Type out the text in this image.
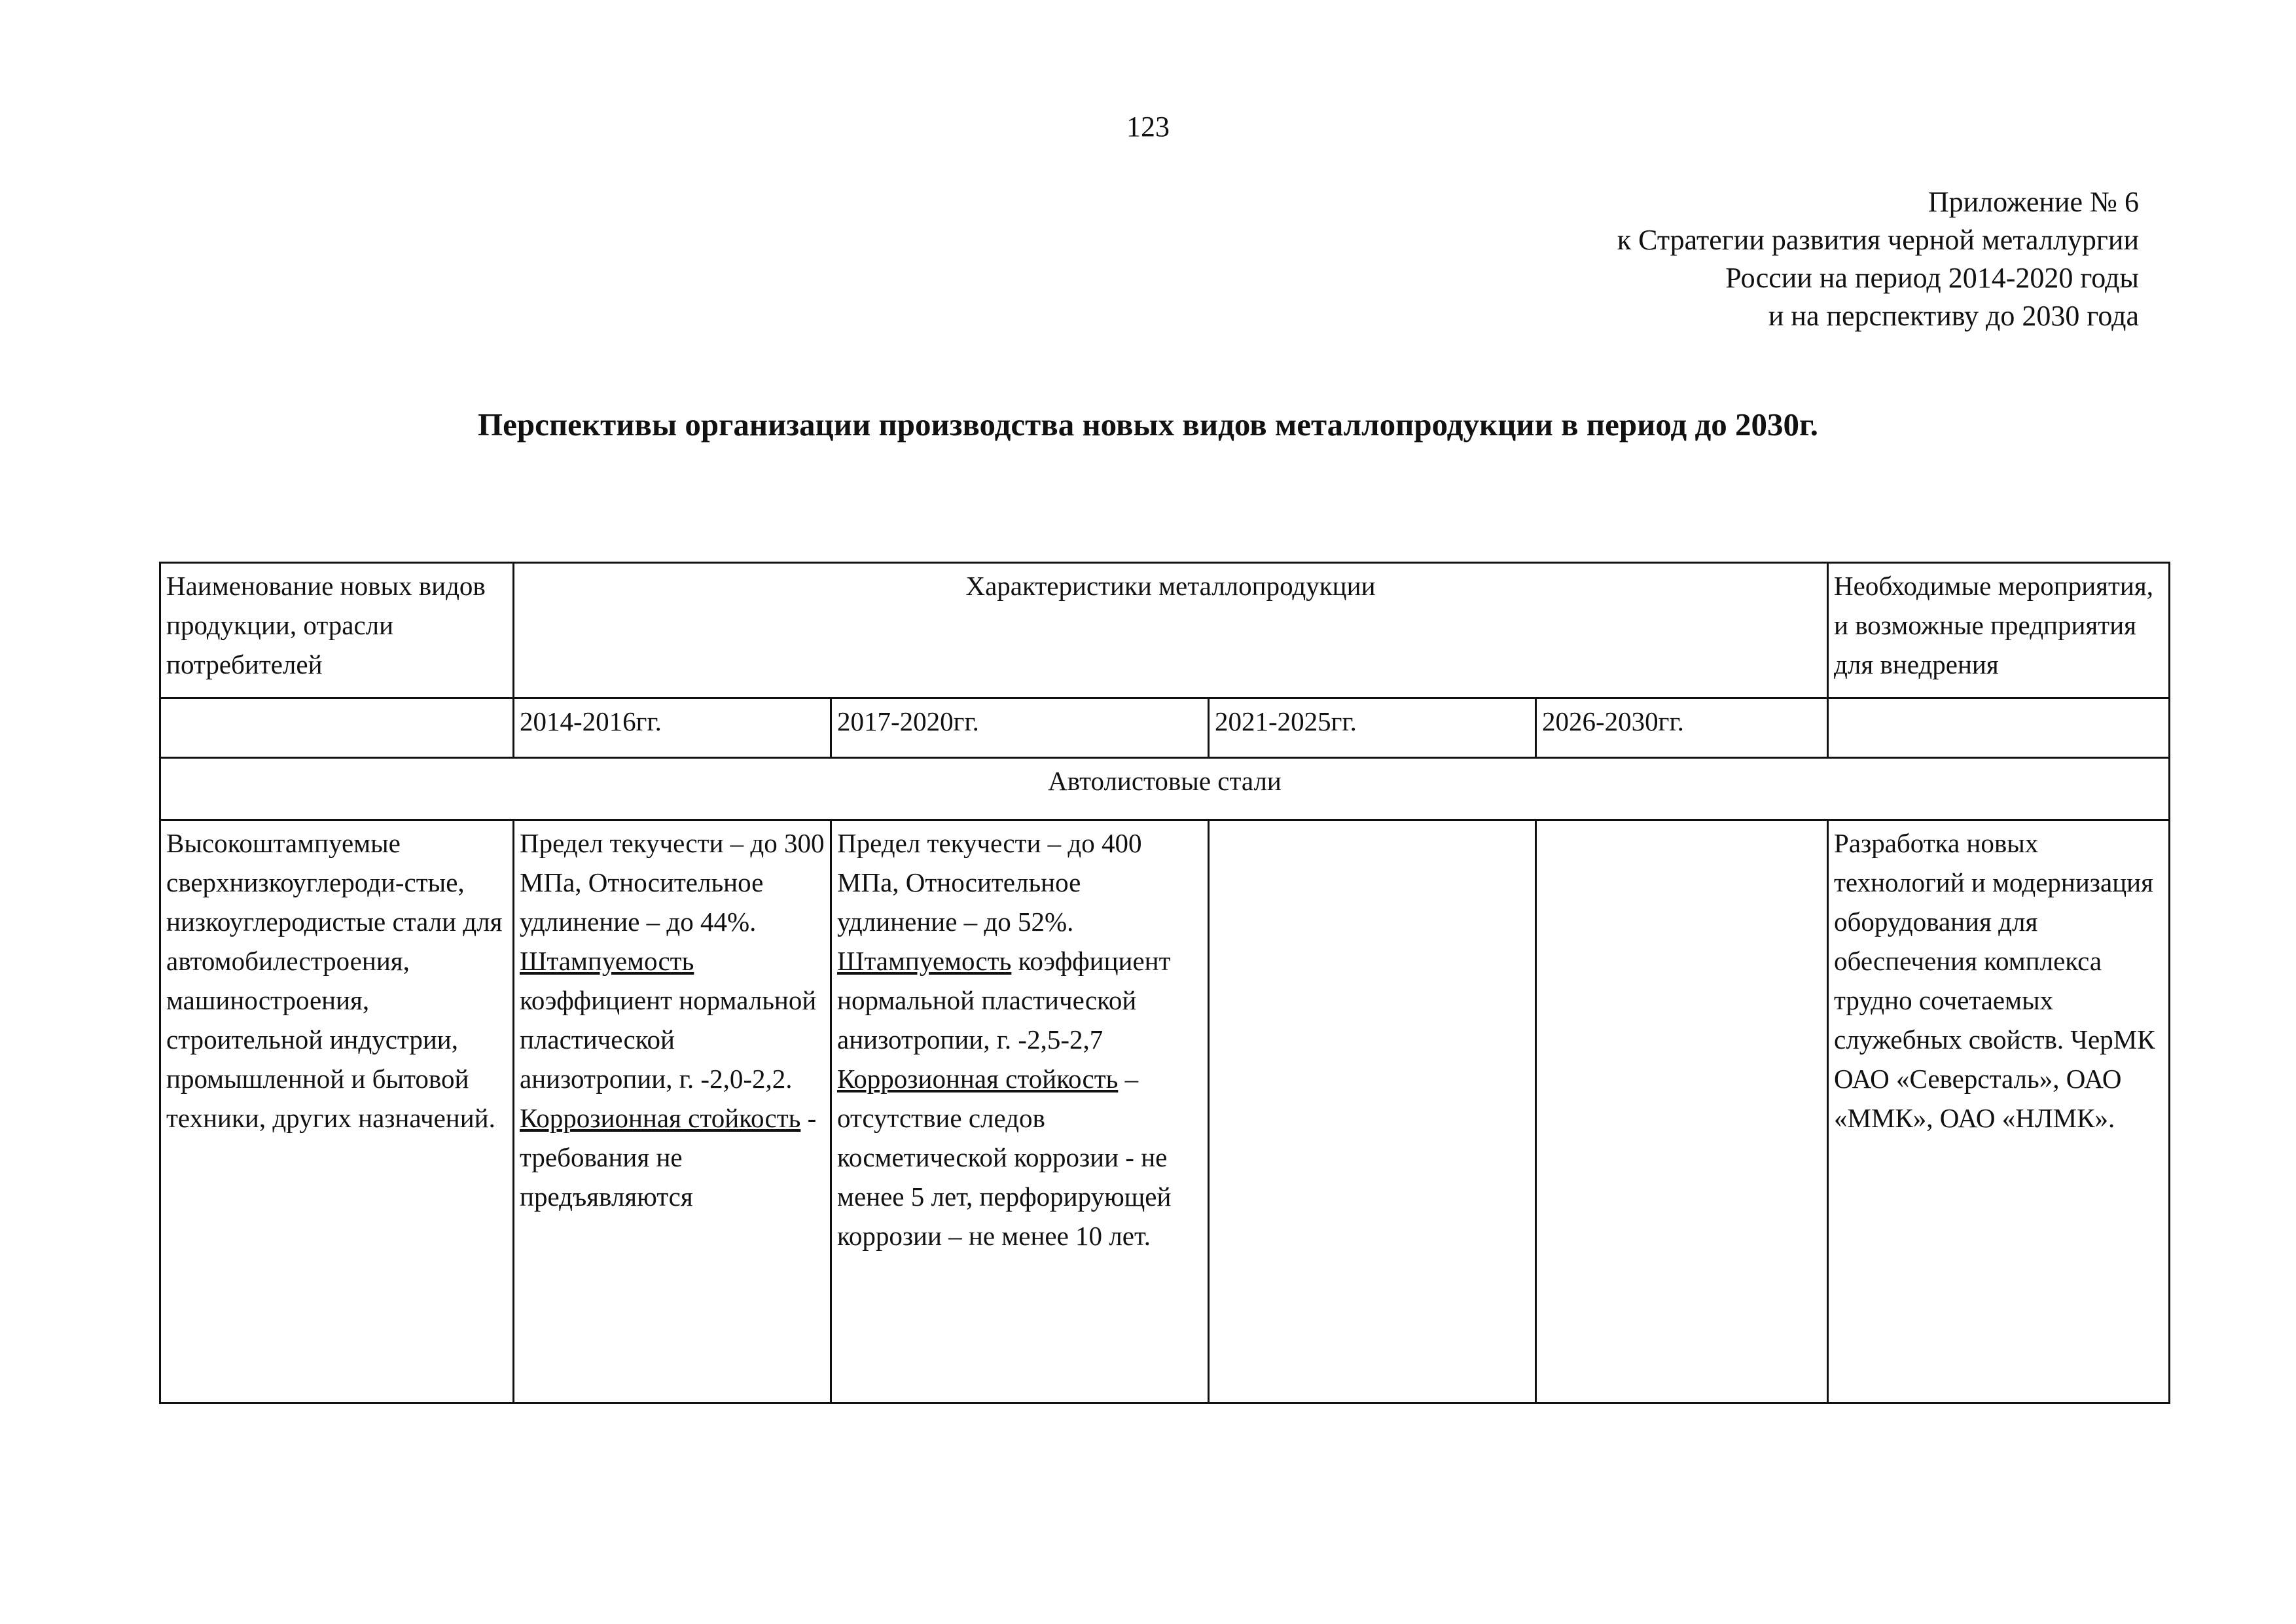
123
Приложение № 6
к Стратегии развития черной металлургии
России на период 2014-2020 годы
и на перспективу до 2030 года
Перспективы организации производства новых видов металлопродукции в период до 2030г.
Наименование новых видов продукции, отрасли потребителей	Характеристики металлопродукции				Необходимые мероприятия, и возможные предприятия для внедрения
	2014-2016гг.	2017-2020гг.	2021-2025гг.	2026-2030гг.	
Автолистовые стали					
Высокоштампуемые сверхнизкоуглероди-стые, низкоуглеродистые стали для автомобилестроения, машиностроения, строительной индустрии, промышленной и бытовой техники, других назначений.	Предел текучести – до 300 МПа, Относительное удлинение – до 44%. Штампуемость коэффициент нормальной пластической анизотропии, г. -2,0-2,2. Коррозионная стойкость - требования не предъявляются	Предел текучести – до 400 МПа, Относительное удлинение – до 52%. Штампуемость коэффициент нормальной пластической анизотропии, г. -2,5-2,7 Коррозионная стойкость – отсутствие следов косметической коррозии - не менее 5 лет, перфорирующей коррозии – не менее 10 лет.			Разработка новых технологий и модернизация оборудования для обеспечения комплекса трудно сочетаемых служебных свойств. ЧерМК ОАО «Северсталь», ОАО «ММК», ОАО «НЛМК».
